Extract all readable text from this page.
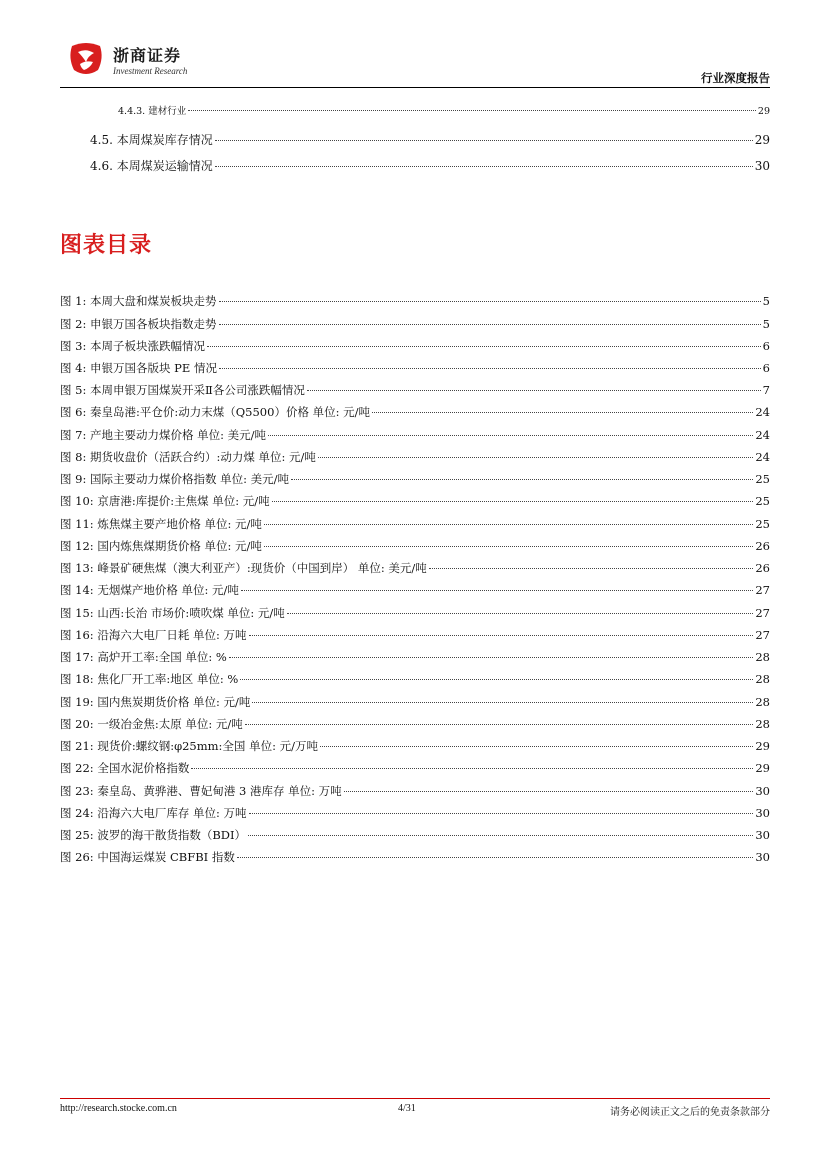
浙商证券
Investment Research	行业深度报告
4.4.3. 建材行业	29
4.5. 本周煤炭库存情况	29
4.6. 本周煤炭运输情况	30
图表目录
图 1: 本周大盘和煤炭板块走势	5
图 2: 申银万国各板块指数走势	5
图 3: 本周子板块涨跌幅情况	6
图 4: 申银万国各版块 PE 情况	6
图 5: 本周申银万国煤炭开采Ⅱ各公司涨跌幅情况	7
图 6: 秦皇岛港:平仓价:动力末煤（Q5500）价格 单位: 元/吨	24
图 7: 产地主要动力煤价格 单位: 美元/吨	24
图 8: 期货收盘价（活跃合约）:动力煤 单位: 元/吨	24
图 9: 国际主要动力煤价格指数 单位: 美元/吨	25
图 10: 京唐港:库提价:主焦煤 单位: 元/吨	25
图 11: 炼焦煤主要产地价格 单位: 元/吨	25
图 12: 国内炼焦煤期货价格 单位: 元/吨	26
图 13: 峰景矿硬焦煤（澳大利亚产）:现货价（中国到岸） 单位: 美元/吨	26
图 14: 无烟煤产地价格 单位: 元/吨	27
图 15: 山西:长治 市场价:喷吹煤 单位: 元/吨	27
图 16: 沿海六大电厂日耗 单位: 万吨	27
图 17: 高炉开工率:全国 单位: %	28
图 18: 焦化厂开工率:地区 单位: %	28
图 19: 国内焦炭期货价格 单位: 元/吨	28
图 20: 一级冶金焦:太原 单位: 元/吨	28
图 21: 现货价:螺纹钢:φ25mm:全国 单位: 元/万吨	29
图 22: 全国水泥价格指数	29
图 23: 秦皇岛、黄骅港、曹妃甸港 3 港库存 单位: 万吨	30
图 24: 沿海六大电厂库存 单位: 万吨	30
图 25: 波罗的海干散货指数（BDI）	30
图 26: 中国海运煤炭 CBFBI 指数	30
http://research.stocke.com.cn	4/31	请务必阅读正文之后的免责条款部分
